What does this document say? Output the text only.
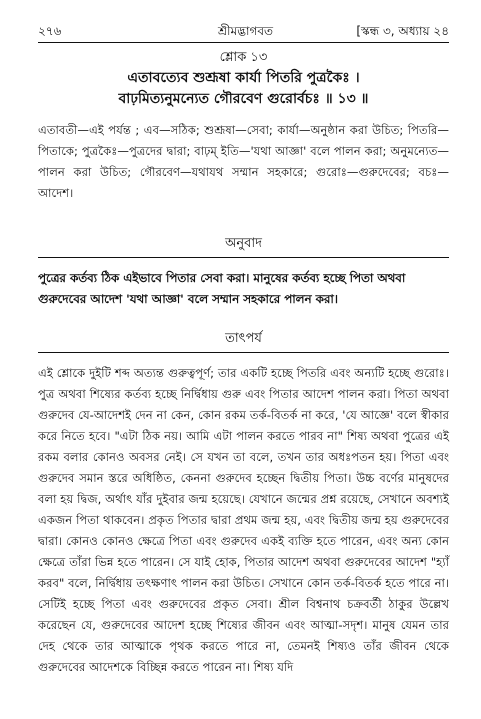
২৭৬	শ্রীমদ্ভাগবত	[স্কন্ধ ৩, অধ্যায় ২৪
শ্লোক ১৩
এতাবত্যেব শুশ্রূষা কার্যা পিতরি পুত্রকৈঃ ।
বাঢ়মিত্যনুমন্যেত গৌরবেণ গুরোর্বচঃ ॥ ১৩ ॥
এতাবতী—এই পর্যন্ত ; এব—সঠিক; শুশ্রূষা—সেবা; কার্যা—অনুষ্ঠান করা উচিত; পিতরি—পিতাকে; পুত্রকৈঃ—পুত্রদের দ্বারা; বাঢ়ম্ ইতি—'যথা আজ্ঞা' বলে পালন করা; অনুমন্যেত—পালন করা উচিত; গৌরবেণ—যথাযথ সম্মান সহকারে; গুরোঃ—গুরুদেবের; বচঃ—আদেশ।
অনুবাদ
পুত্রের কর্তব্য ঠিক এইভাবে পিতার সেবা করা। মানুষের কর্তব্য হচ্ছে পিতা অথবা গুরুদেবের আদেশ 'যথা আজ্ঞা' বলে সম্মান সহকারে পালন করা।
তাৎপর্য

এই শ্লোকে দুইটি শব্দ অত্যন্ত গুরুত্বপূর্ণ; তার একটি হচ্ছে পিতরি এবং অন্যটি হচ্ছে গুরোঃ। পুত্র অথবা শিষ্যের কর্তব্য হচ্ছে নির্দ্বিধায় গুরু এবং পিতার আদেশ পালন করা। পিতা অথবা গুরুদেব যে-আদেশই দেন না কেন, কোন রকম তর্ক-বিতর্ক না করে, 'যে আজ্ঞে' বলে স্বীকার করে নিতে হবে। "এটা ঠিক নয়। আমি এটা পালন করতে পারব না" শিষ্য অথবা পুত্রের এই রকম বলার কোনও অবসর নেই। সে যখন তা বলে, তখন তার অধঃপতন হয়। পিতা এবং গুরুদেব সমান স্তরে অধিষ্ঠিত, কেননা গুরুদেব হচ্ছেন দ্বিতীয় পিতা। উচ্চ বর্ণের মানুষদের বলা হয় দ্বিজ, অর্থাৎ যাঁর দুইবার জন্ম হয়েছে। যেখানে জন্মের প্রশ্ন রয়েছে, সেখানে অবশ্যই একজন পিতা থাকবেন। প্রকৃত পিতার দ্বারা প্রথম জন্ম হয়, এবং দ্বিতীয় জন্ম হয় গুরুদেবের দ্বারা। কোনও কোনও ক্ষেত্রে পিতা এবং গুরুদেব একই ব্যক্তি হতে পারেন, এবং অন্য কোন ক্ষেত্রে তাঁরা ভিন্ন হতে পারেন। সে যাই হোক, পিতার আদেশ অথবা গুরুদেবের আদেশ "হ্যাঁ করব" বলে, নির্দ্বিধায় তৎক্ষণাৎ পালন করা উচিত। সেখানে কোন তর্ক-বিতর্ক হতে পারে না। সেটিই হচ্ছে পিতা এবং গুরুদেবের প্রকৃত সেবা। শ্রীল বিশ্বনাথ চক্রবর্তী ঠাকুর উল্লেখ করেছেন যে, গুরুদেবের আদেশ হচ্ছে শিষ্যের জীবন এবং আত্মা-সদৃশ। মানুষ যেমন তার দেহ থেকে তার আত্মাকে পৃথক করতে পারে না, তেমনই শিষ্যও তাঁর জীবন থেকে গুরুদেবের আদেশকে বিচ্ছিন্ন করতে পারেন না। শিষ্য যদি
